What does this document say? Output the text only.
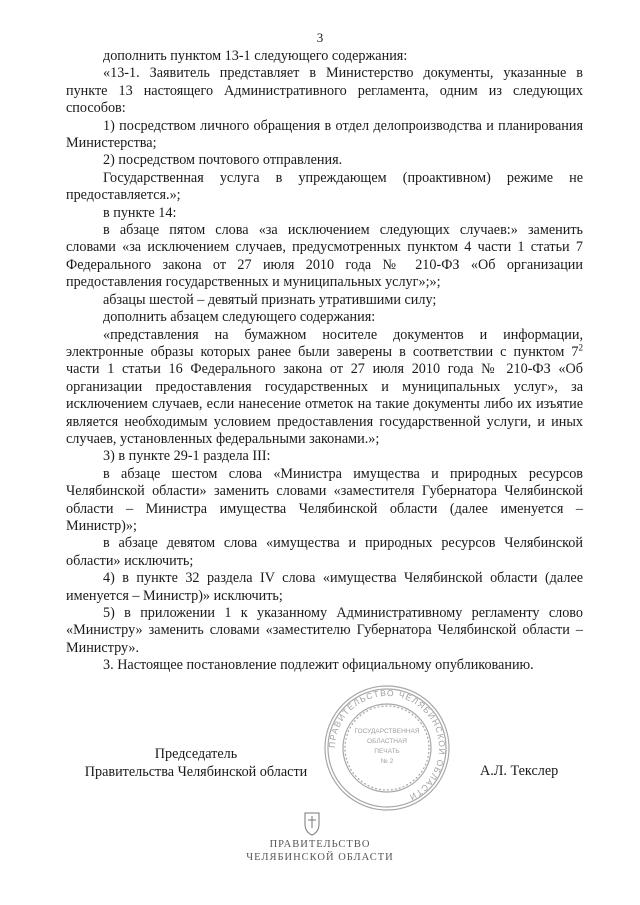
3

дополнить пунктом 13-1 следующего содержания:

«13-1. Заявитель представляет в Министерство документы, указанные в пункте 13 настоящего Административного регламента, одним из следующих способов:

1) посредством личного обращения в отдел делопроизводства и планирования Министерства;

2) посредством почтового отправления.

Государственная услуга в упреждающем (проактивном) режиме не предоставляется.»;

в пункте 14:

в абзаце пятом слова «за исключением следующих случаев:» заменить словами «за исключением случаев, предусмотренных пунктом 4 части 1 статьи 7 Федерального закона от 27 июля 2010 года № 210-ФЗ «Об организации предоставления государственных и муниципальных услуг»;»;

абзацы шестой – девятый признать утратившими силу;

дополнить абзацем следующего содержания:

«представления на бумажном носителе документов и информации, электронные образы которых ранее были заверены в соответствии с пунктом $7^2$ части 1 статьи 16 Федерального закона от 27 июля 2010 года № 210-ФЗ «Об организации предоставления государственных и муниципальных услуг», за исключением случаев, если нанесение отметок на такие документы либо их изъятие является необходимым условием предоставления государственной услуги, и иных случаев, установленных федеральными законами.»;

3) в пункте 29-1 раздела III:

в абзаце шестом слова «Министра имущества и природных ресурсов Челябинской области» заменить словами «заместителя Губернатора Челябинской области – Министра имущества Челябинской области (далее именуется – Министр)»;

в абзаце девятом слова «имущества и природных ресурсов Челябинской области» исключить;

4) в пункте 32 раздела IV слова «имущества Челябинской области (далее именуется – Министр)» исключить;

5) в приложении 1 к указанному Административному регламенту слово «Министру» заменить словами «заместителю Губернатора Челябинской области – Министру».

3. Настоящее постановление подлежит официальному опубликованию.

ПРАВИТЕЛЬСТВО ЧЕЛЯБИНСКОЙ ОБЛАСТИ
ГОСУДАРСТВЕННАЯ
ОБЛАСТНАЯ
ПЕЧАТЬ
№ 2
Председатель
Правительства Челябинской области	А.Л. Текслер
ПРАВИТЕЛЬСТВО
ЧЕЛЯБИНСКОЙ ОБЛАСТИ
